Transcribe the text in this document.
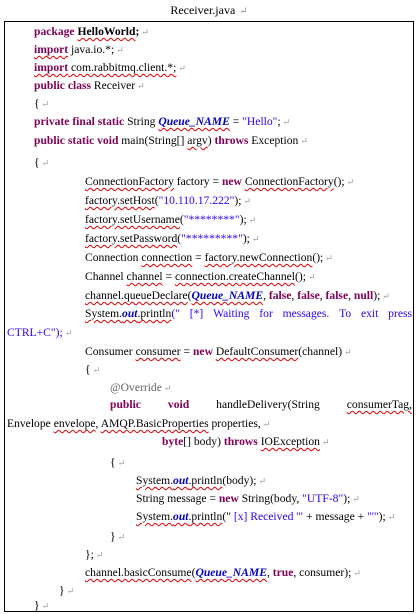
Receiver.java ↵
package HelloWorld; ↵
import java.io.*; ↵
import com.rabbitmq.client.*; ↵
public class Receiver ↵
{ ↵
private final static String Queue_NAME = "Hello"; ↵
public static void main(String[] argv) throws Exception ↵
{ ↵
ConnectionFactory factory = new ConnectionFactory(); ↵
factory.setHost("10.110.17.222"); ↵
factory.setUsername("********"); ↵
factory.setPassword("*********"); ↵
Connection connection = factory.newConnection(); ↵
Channel channel = connection.createChannel(); ↵
channel.queueDeclare(Queue_NAME, false, false, false, null); ↵
System.out.println(" [*] Waiting for messages. To exit press
CTRL+C"); ↵
Consumer consumer = new DefaultConsumer(channel) ↵
{ ↵
@Override ↵
public void handleDelivery(String consumerTag,
Envelope envelope, AMQP.BasicProperties properties, ↵
byte[] body) throws IOException ↵
{ ↵
System.out.println(body); ↵
String message = new String(body, "UTF-8"); ↵
System.out.println(" [x] Received '" + message + "'"); ↵
} ↵
}; ↵
channel.basicConsume(Queue_NAME, true, consumer); ↵
} ↵
} ↵
